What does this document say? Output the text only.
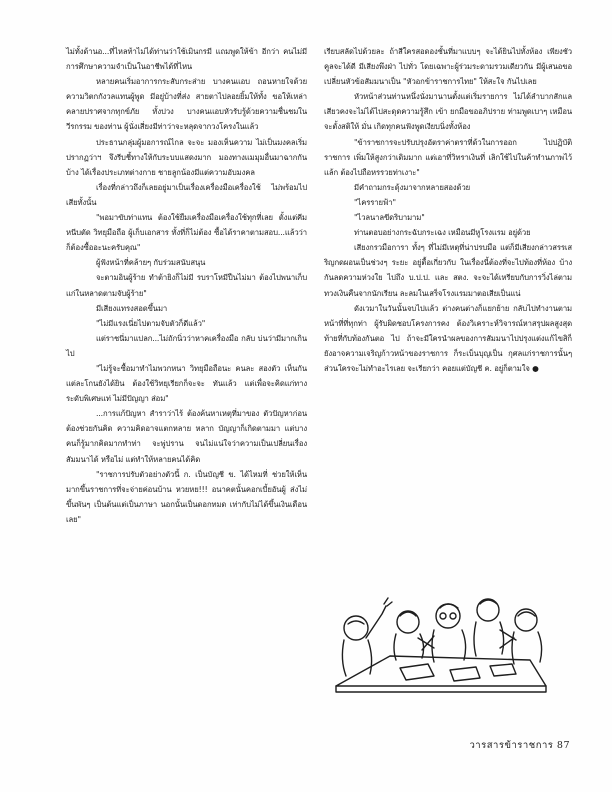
ไม่ทั้งด้านอ...ที่ไหลท้าไม่ได้ท่านว่าใช้เมินกรมี แถมพูดให้ข้า อีกว่า คนไม่มีการศึกษาความจำเป็นในอาชีพได้ที่ไหน

หลายคนเริ่มอาการกระสับกระส่าย บางคนแอบ ถอนหายใจด้วยความวิตกกังวลแทนผู้พูด มีอยู่บ้างที่ส่ง สายตาไปลอยยิ้มให้ทั้ง ขอให้เหล่าคลายปราศจากทุกข์ภัย ทั้งปวง บางคนแอบหัวรับรู้ด้วยความชื่นชมในวีรกรรม ของท่าน ผู้นั่งเสี่ยงมีท่าว่าจะหลุดจากวงโครงในแล้ว

ประธานกลุ่มผู้มอการณ์ไกล จะจะ มองเห็นความ ไม่เป็นมงคลเริ่มปรากฏว่าฯ จึงรีบชี้ทางให้กับระบบแสดงมาก มองทางแมมุมอื่นมาฉากกันบ้าง ได้เรื่องประเภทต่างกาย ชายลูกน้องมีแต่ความอับมงคล

เรื่องที่กล่าวถึงก็เลยอยู่มาเป็นเรื่องเครื่องมือเครื่องใช้ ไม่พร้อมไปเสียทั้งนั้น

"พอมาขับท่าแทน ต้องใช้ยืมเครื่องมือเครื่องใช้ทุกที่เลย ตั้งแต่คีมหนีบตัด วิทยุมือถือ ผู้เก็บเอกสาร ทั้งที่ก็ไม่ต้อง ซื้อได้ราคาตามสอบ...แล้วว่าก็ต้องซื้ออะนะครับคุณ"

ผู้ฟังหน้าที่คล้ายๆ กับร่วมสนับสนุน

จะตามอินผู้ร้าย ทำต้ายิงก็ไม่มี รบราโหมีปืนไม่มา ต้องไปพนาเก็บแก่ในหลาดตามจับผู้ร้าย"

มีเสียงแทรงสอดขึ้นมา

"ไม่มีแรงเนี่ยไปตามจับตัวก็ดีแล้ว"

แต่ราชนี่มาแปลก...ไม่ถักนิ่วว่าหาคเครื่องมือ กลับ บ่นว่ามีมากเกินไป

"ไม่รู้จะซื้อมาทำไมพวกหนา วิทยุมือถือนะ คนละ สองตัว เห็นกันแต่ละโกนยังได้ยิน ต้องใช้วิทยุเรียกก็จะจะ ทันแล้ว แต่เพื่อจะคิดแก่ทางระดับพิเศษแท่ ไม่มีปัญญา ส่อม"

...การแก้ปัญหา สำราว่าไร้ ต้องค้นหาเหตุที่มาของ ตัวปัญหาก่อน ต้องช่วยกันคิด ความคิดอาจแตกหลาย หลาก บัญญาก็เกิดตามมา แต่บางคนก็รู้มากคิดมากทำท่า จะพู่ปราน จนไม่แน่ใจว่าความเป็นเปลี่ยนเรื่องสัมมนาได้ หรือไม่ แต่ทำให้หลายคนได้คิด

"ราชการปรับตัวอย่างตัวนี้ ก. เป็นบัญชี ข. ได้ไหมที่ ช่วยให้เห็นมากขึ้นราชการที่จะจ่ายค่อนบ้าน หวยหย!!! อนาคตนั้นคอกเบี้ยอันผู้ ส่งไม่ขึ้นพันๆ เป็นต้นแต่เป็นภาษา นอกนั้นเป็นดอกทมด เท่ากับไม่ได้ขึ้นเงินเดือนเลย"

เรียบสลัดไปด้วยละ ถ้าสีใครสอดองชั้นที่มาแบบๆ จะได้ยินไปทั้งห้อง เพียงชัวคูลจะได้ดี มีเสียงพึงฝ่า ไปทั่ว โดยเฉพาะผู้ร่วมระดามรวมเดียวกัน มีผู้เสนอขอ เปลี่ยนหัวข้อสัมมนาเป็น "หัวอกข้าราชการไทย" ให้สะใจ กันไปเลย

หัวหน้าส่วนท่านหนึ่งนั่งมานานตั้งแต่เริ่มรายการ ไม่ได้ลำบากสักแลเสียวคงจะไม่ได้ไปสะดุดความรู้สึก เข้า ยกมือขออภิปราย ท่ามพูดเบาๆ เหมือนจะตั้งสติให้ มั่น เกิดทุกคนฟังพูดเงียบนิ่งทั้งห้อง

"ข้าราชการจะปรับปรุงอัตราค่าตราที่ด้วในการออก ไปปฏิบัติราชการ เพิ่มให้สูงกว่าเดิมมาก แต่เอาที่วิทราเงินที่ เลิกใช้ไปในค้าทำนภาพไว้แล้ก ต้องไปถือหรรวยท่าเงาะ"

มีคำถามกระดุ้งมาจากหลายสองด้วย

"ไครรายฟ้า"

"ไวลนาลขีดริบามาม"

ท่านตอบอย่างกระฉับกระเฉง เหมือนมีหูโรงแรม อยู่ด้วย

เสียงกรวมือการา ทั้งๆ ที่ไม่มีเหตุที่น่าปรบมือ แต่ก็มีเสียงกล่าวสรรเสริญกดผอนเป็นช่วงๆ ระยะ อยู่ตื้อเกี่ยวกับ ในเรื่องนี้ต้องที่จะไปท้องที่ห้อง บ้างกันลดความห่วงใย ไปถึง บ.ป.ป. และ สตง. จะจะได้เหรียบกับการวิ่งไล่ตาม ทวงเงินคืนจากนักเรียน ละลมในเสร็จโรงแรมมาตอเสียเป็นแน่

ดังเวมาในวันนั้นจบไปแล้ว ต่างคนต่างก็แยกย้าย กลับไปทำงานตามหน้าที่ที่ทุกท่า ผู้รับผิดชอบโครงการคง ต้องวิเคราะห์วิจารณ์หาสรุปผลสูงสุดท้ายที่กับท้องกันตอ ไป ถ้าจะมีใครนำผลของการสัมมนาไปปรุงแต่งแก้ไขสิก็ ยังอาจความเจริญก้าวหน้าของราชการ ก็ระเบ็นบุญเป็น กุศลแก่ราชการนั้นๆ ส่วนใครจะไม่ทำอะไรเลย จะเรียกว่า คอยแต่บัญชี ค. อยู่ก็ตามใจ ●

วารสารข้าราชการ 87
